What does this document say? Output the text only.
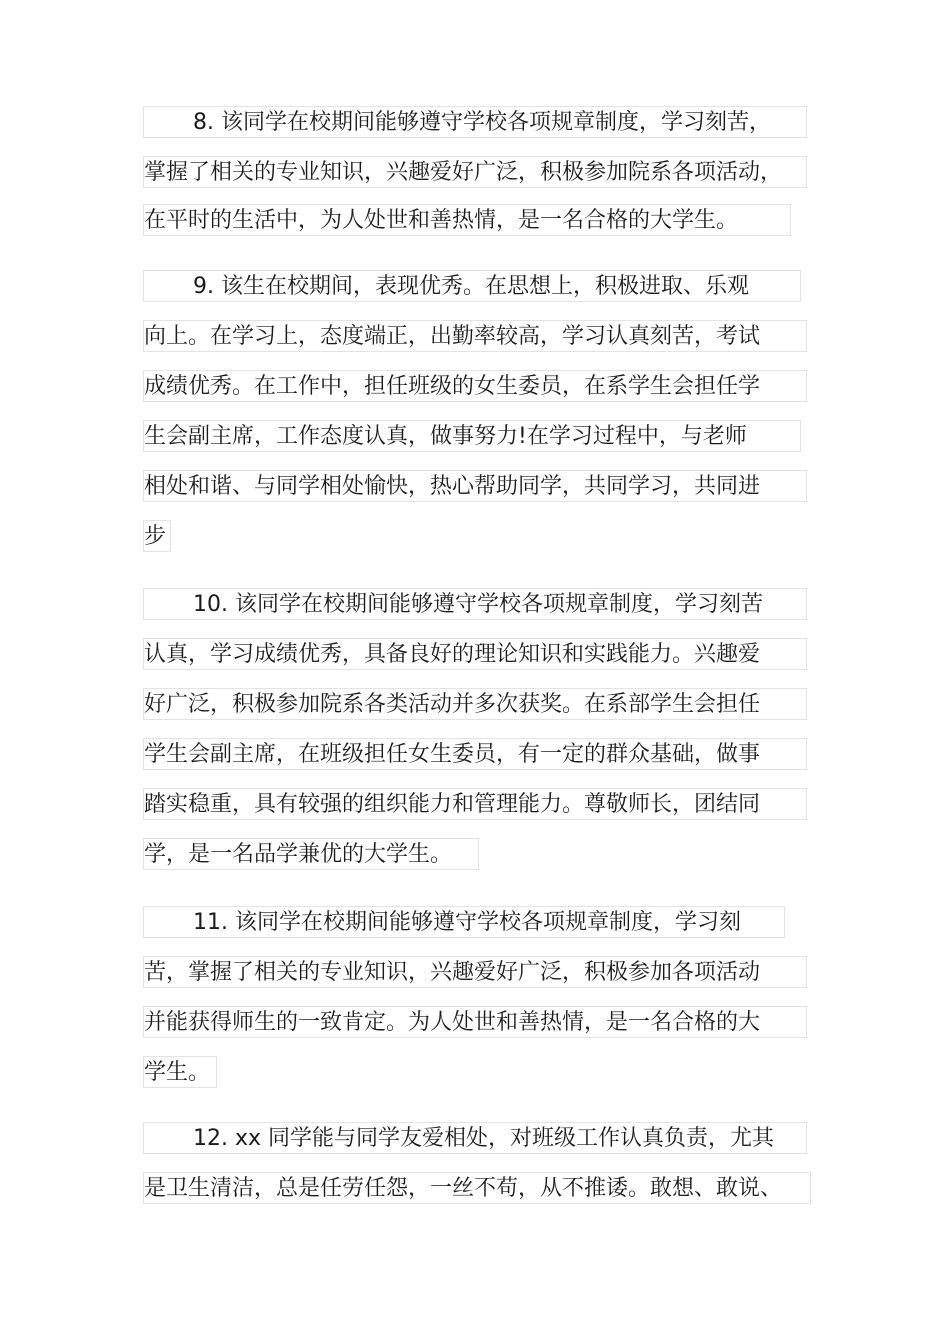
8. 该同学在校期间能够遵守学校各项规章制度，学习刻苦，
掌握了相关的专业知识，兴趣爱好广泛，积极参加院系各项活动，
在平时的生活中，为人处世和善热情，是一名合格的大学生。
9. 该生在校期间，表现优秀。在思想上，积极进取、乐观
向上。在学习上，态度端正，出勤率较高，学习认真刻苦，考试
成绩优秀。在工作中，担任班级的女生委员，在系学生会担任学
生会副主席，工作态度认真，做事努力!在学习过程中，与老师
相处和谐、与同学相处愉快，热心帮助同学，共同学习，共同进
步
10. 该同学在校期间能够遵守学校各项规章制度，学习刻苦
认真，学习成绩优秀，具备良好的理论知识和实践能力。兴趣爱
好广泛，积极参加院系各类活动并多次获奖。在系部学生会担任
学生会副主席，在班级担任女生委员，有一定的群众基础，做事
踏实稳重，具有较强的组织能力和管理能力。尊敬师长，团结同
学，是一名品学兼优的大学生。
11. 该同学在校期间能够遵守学校各项规章制度，学习刻
苦，掌握了相关的专业知识，兴趣爱好广泛，积极参加各项活动
并能获得师生的一致肯定。为人处世和善热情，是一名合格的大
学生。
12. xx 同学能与同学友爱相处，对班级工作认真负责，尤其
是卫生清洁，总是任劳任怨，一丝不苟，从不推诿。敢想、敢说、
